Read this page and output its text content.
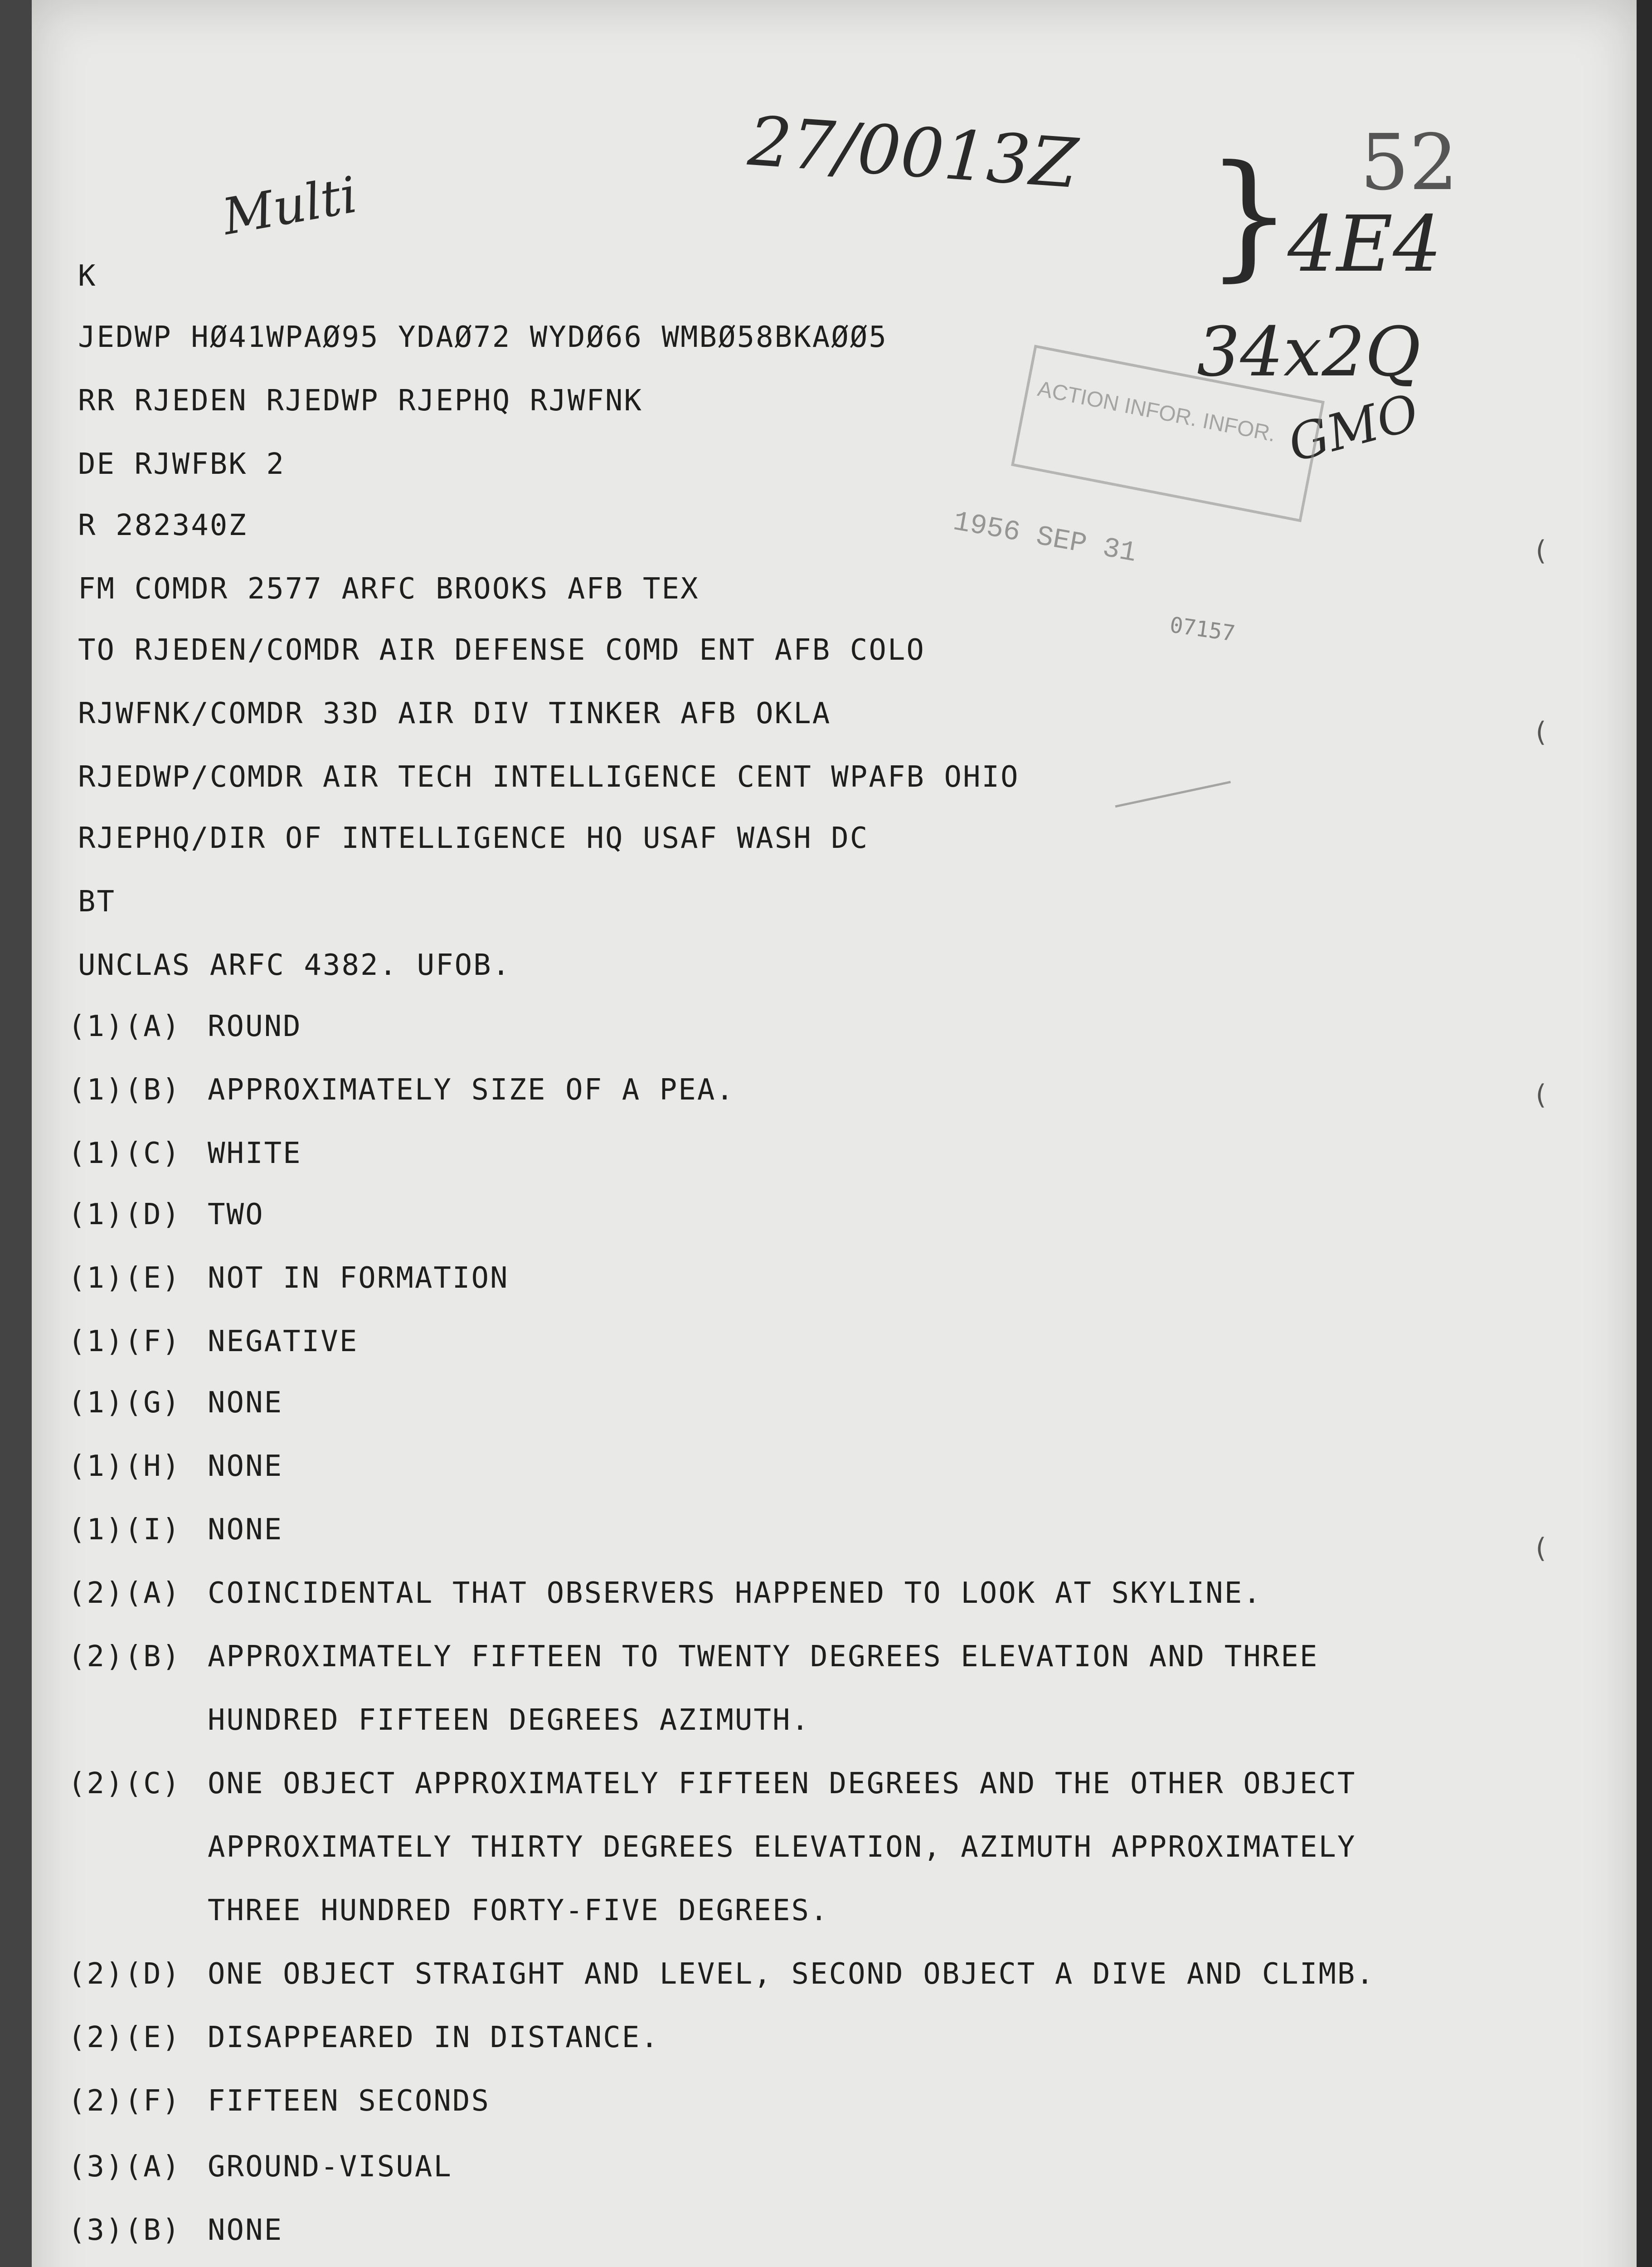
Multi
27/0013Z	52
4E4
}
34x2Q
GMO
ACTION INFOR. INFOR.
1956 SEP 31
07157
(
(
(
(

K

JEDWP HØ41WPAØ95 YDAØ72 WYDØ66 WMBØ58BKAØØ5

RR RJEDEN RJEDWP RJEPHQ RJWFNK

DE RJWFBK 2

R 282340Z

FM COMDR 2577 ARFC BROOKS AFB TEX

TO RJEDEN/COMDR AIR DEFENSE COMD ENT AFB COLO

RJWFNK/COMDR 33D AIR DIV TINKER AFB OKLA

RJEDWP/COMDR AIR TECH INTELLIGENCE CENT WPAFB OHIO

RJEPHQ/DIR OF INTELLIGENCE HQ USAF WASH DC

BT

UNCLAS ARFC 4382. UFOB.

(1)(A) ROUND

(1)(B) APPROXIMATELY SIZE OF A PEA.

(1)(C) WHITE

(1)(D) TWO

(1)(E) NOT IN FORMATION

(1)(F) NEGATIVE

(1)(G) NONE

(1)(H) NONE

(1)(I) NONE

(2)(A) COINCIDENTAL THAT OBSERVERS HAPPENED TO LOOK AT SKYLINE.

(2)(B) APPROXIMATELY FIFTEEN TO TWENTY DEGREES ELEVATION AND THREE

HUNDRED FIFTEEN DEGREES AZIMUTH.

(2)(C) ONE OBJECT APPROXIMATELY FIFTEEN DEGREES AND THE OTHER OBJECT

APPROXIMATELY THIRTY DEGREES ELEVATION, AZIMUTH APPROXIMATELY

THREE HUNDRED FORTY-FIVE DEGREES.

(2)(D) ONE OBJECT STRAIGHT AND LEVEL, SECOND OBJECT A DIVE AND CLIMB.

(2)(E) DISAPPEARED IN DISTANCE.

(2)(F) FIFTEEN SECONDS

(3)(A) GROUND-VISUAL

(3)(B) NONE
